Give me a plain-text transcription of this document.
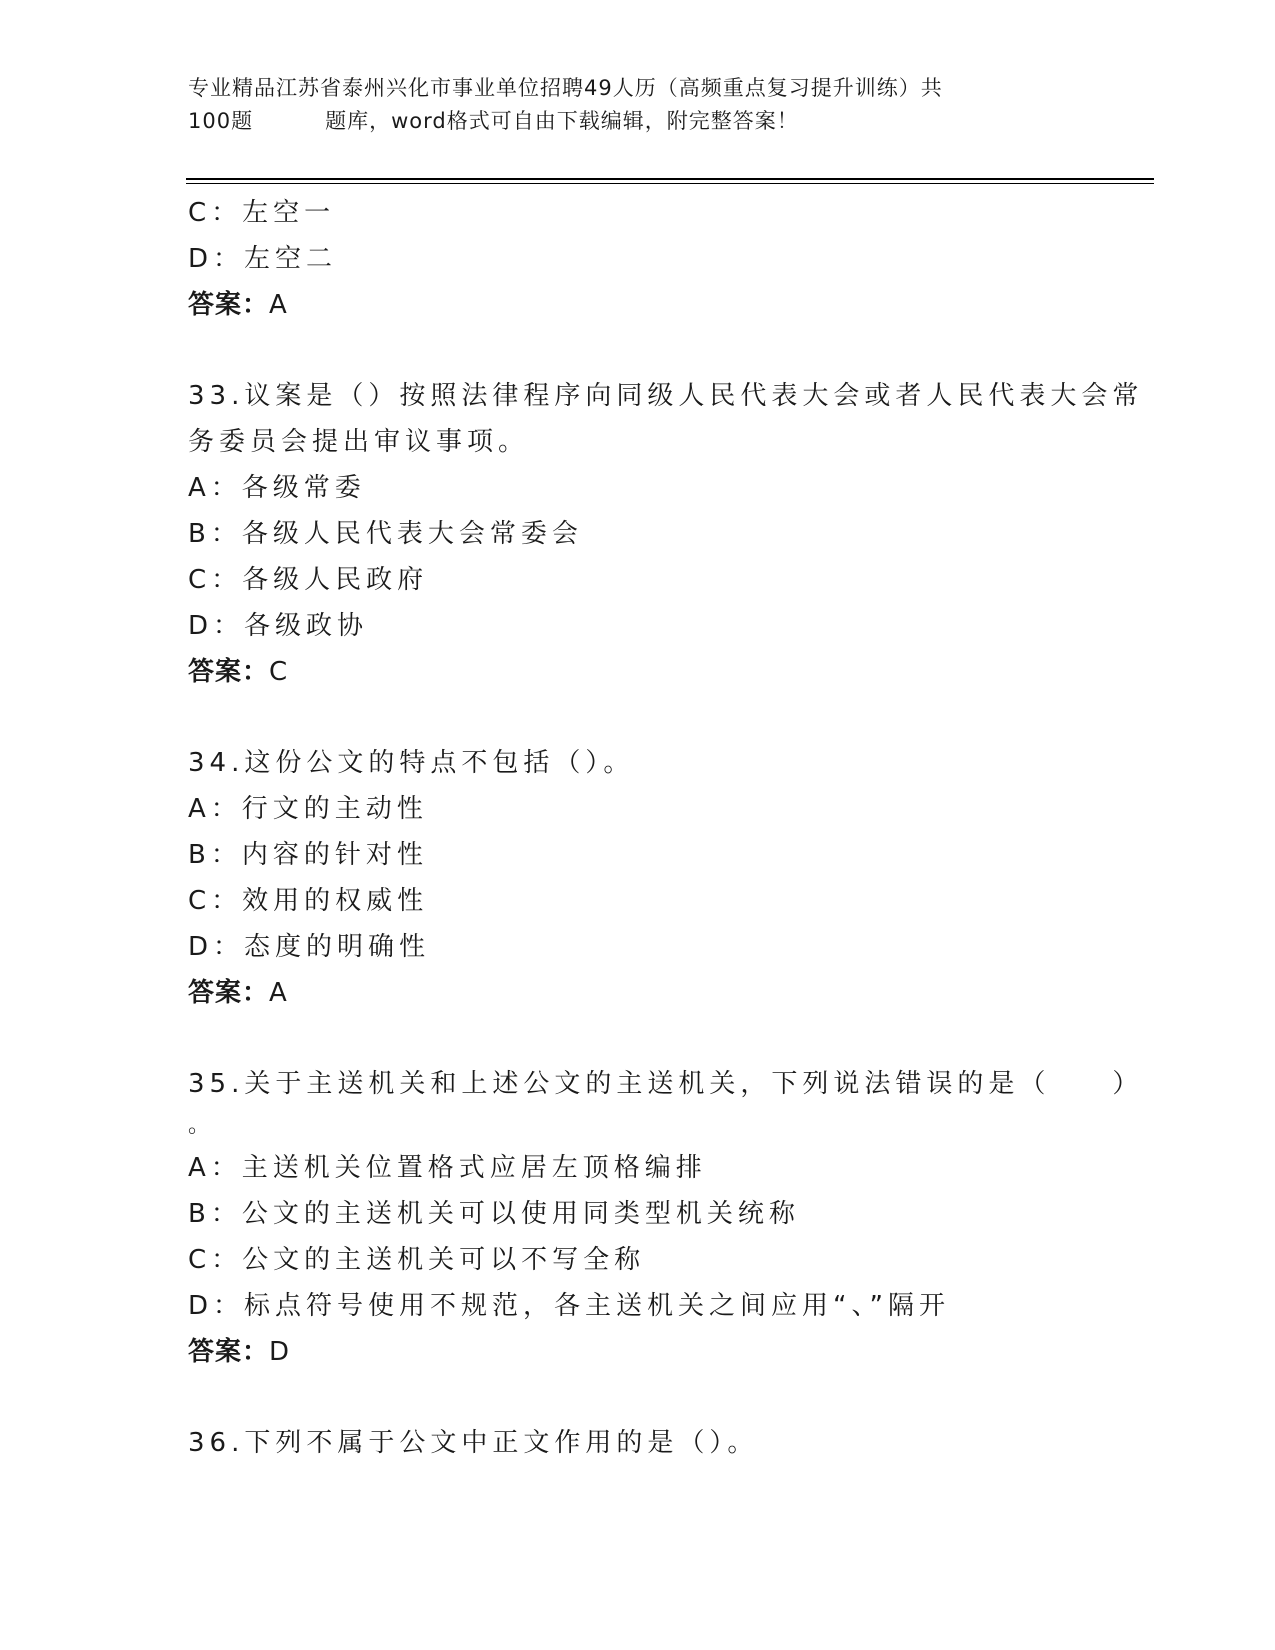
专业精品江苏省泰州兴化市事业单位招聘49人历（高频重点复习提升训练）共
100题	题库，word格式可自由下载编辑，附完整答案！
C：左空一
D：左空二
答案：A
33.议案是（）按照法律程序向同级人民代表大会或者人民代表大会常
务委员会提出审议事项。
A：各级常委
B：各级人民代表大会常委会
C：各级人民政府
D：各级政协
答案：C
34.这份公文的特点不包括（）。
A：行文的主动性
B：内容的针对性
C：效用的权威性
D：态度的明确性
答案：A
35.关于主送机关和上述公文的主送机关，下列说法错误的是（　　）
。
A：主送机关位置格式应居左顶格编排
B：公文的主送机关可以使用同类型机关统称
C：公文的主送机关可以不写全称
D：标点符号使用不规范，各主送机关之间应用“、”隔开
答案：D
36.下列不属于公文中正文作用的是（）。
